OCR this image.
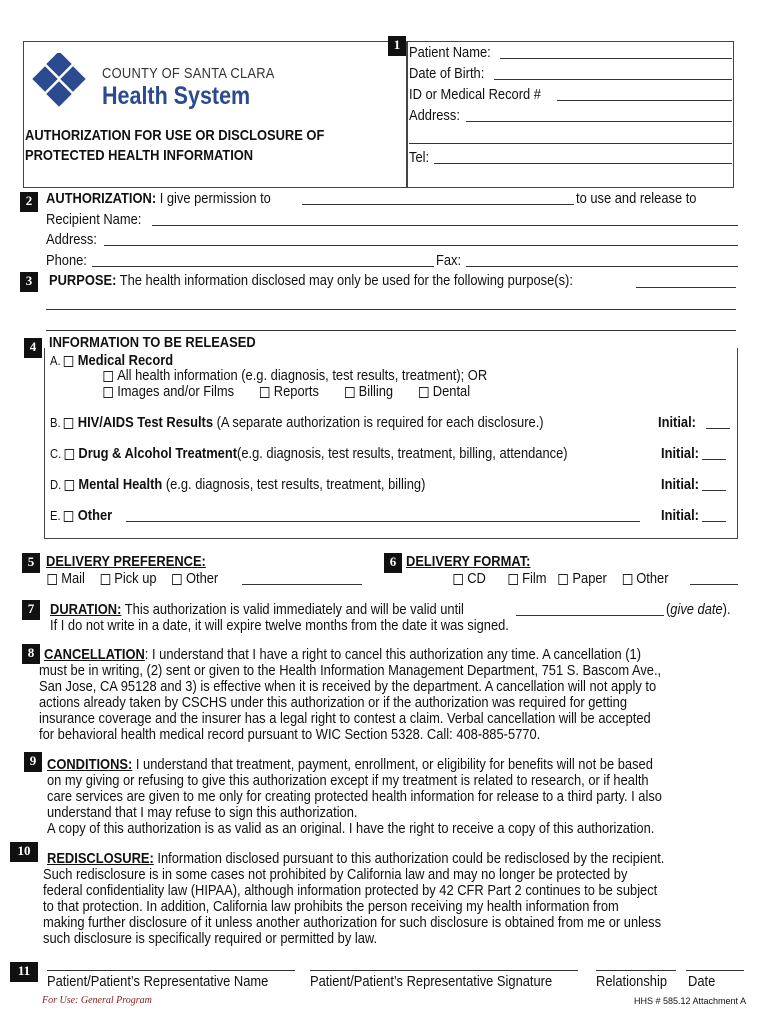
COUNTY OF SANTA CLARA
Health System
AUTHORIZATION FOR USE OR DISCLOSURE OF
PROTECTED HEALTH INFORMATION
1 Patient Name:
Date of Birth:
ID or Medical Record #
Address:
Tel:
2 AUTHORIZATION: I give permission to	to use and release to
Recipient Name:
Address:
Phone:	Fax:
3	PURPOSE: The health information disclosed may only be used for the following purpose(s):
4 INFORMATION TO BE RELEASED
A. Medical Record
All health information (e.g. diagnosis, test results, treatment); OR
Images and/or Films	Reports	Billing	Dental
B. HIV/AIDS Test Results (A separate authorization is required for each disclosure.)	Initial:
C. Drug & Alcohol Treatment(e.g. diagnosis, test results, treatment, billing, attendance)	Initial:
D. Mental Health (e.g. diagnosis, test results, treatment, billing)	Initial:
E. Other	Initial:
5 DELIVERY PREFERENCE:
Mail Pick up Other
6 DELIVERY FORMAT:
CD Film Paper Other
7	DURATION: This authorization is valid immediately and will be valid until	(give date).
If I do not write in a date, it will expire twelve months from the date it was signed.
8 CANCELLATION: I understand that I have a right to cancel this authorization any time. A cancellation (1)
must be in writing, (2) sent or given to the Health Information Management Department, 751 S. Bascom Ave.,
San Jose, CA 95128 and 3) is effective when it is received by the department. A cancellation will not apply to
actions already taken by CSCHS under this authorization or if the authorization was required for getting
insurance coverage and the insurer has a legal right to contest a claim. Verbal cancellation will be accepted
for behavioral health medical record pursuant to WIC Section 5328. Call: 408-885-5770.
9 CONDITIONS: I understand that treatment, payment, enrollment, or eligibility for benefits will not be based
on my giving or refusing to give this authorization except if my treatment is related to research, or if health
care services are given to me only for creating protected health information for release to a third party. I also
understand that I may refuse to sign this authorization.
A copy of this authorization is as valid as an original. I have the right to receive a copy of this authorization.
10	REDISCLOSURE: Information disclosed pursuant to this authorization could be redisclosed by the recipient.
Such redisclosure is in some cases not prohibited by California law and may no longer be protected by
federal confidentiality law (HIPAA), although information protected by 42 CFR Part 2 continues to be subject
to that protection. In addition, California law prohibits the person receiving my health information from
making further disclosure of it unless another authorization for such disclosure is obtained from me or unless
such disclosure is specifically required or permitted by law.
11
Patient/Patient’s Representative Name	Patient/Patient’s Representative Signature	Relationship Date
For Use: General Program	HHS # 585.12 Attachment A
